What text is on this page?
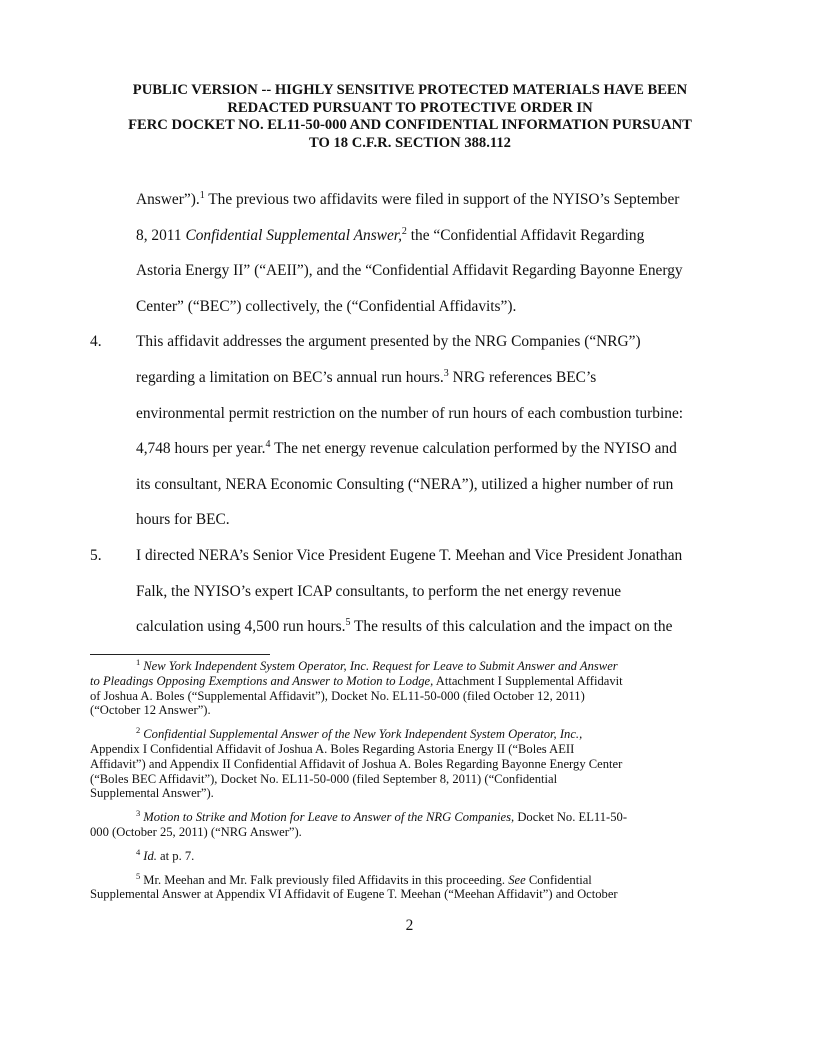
PUBLIC VERSION -- HIGHLY SENSITIVE PROTECTED MATERIALS HAVE BEEN
REDACTED PURSUANT TO PROTECTIVE ORDER IN
FERC DOCKET NO. EL11-50-000 AND CONFIDENTIAL INFORMATION PURSUANT
TO 18 C.F.R. SECTION 388.112
Answer”).$^1$ The previous two affidavits were filed in support of the NYISO’s September
8, 2011 Confidential Supplemental Answer,$^2$ the “Confidential Affidavit Regarding
Astoria Energy II” (“AEII”), and the “Confidential Affidavit Regarding Bayonne Energy
Center” (“BEC”) collectively, the (“Confidential Affidavits”).
4. This affidavit addresses the argument presented by the NRG Companies (“NRG”)
regarding a limitation on BEC’s annual run hours.$^3$ NRG references BEC’s
environmental permit restriction on the number of run hours of each combustion turbine:
4,748 hours per year.$^4$ The net energy revenue calculation performed by the NYISO and
its consultant, NERA Economic Consulting (“NERA”), utilized a higher number of run
hours for BEC.
5. I directed NERA’s Senior Vice President Eugene T. Meehan and Vice President Jonathan
Falk, the NYISO’s expert ICAP consultants, to perform the net energy revenue
calculation using 4,500 run hours.$^5$ The results of this calculation and the impact on the
$^1$ New York Independent System Operator, Inc. Request for Leave to Submit Answer and Answer
to Pleadings Opposing Exemptions and Answer to Motion to Lodge, Attachment I Supplemental Affidavit
of Joshua A. Boles (“Supplemental Affidavit”), Docket No. EL11-50-000 (filed October 12, 2011)
(“October 12 Answer”).
$^2$ Confidential Supplemental Answer of the New York Independent System Operator, Inc.,
Appendix I Confidential Affidavit of Joshua A. Boles Regarding Astoria Energy II (“Boles AEII
Affidavit”) and Appendix II Confidential Affidavit of Joshua A. Boles Regarding Bayonne Energy Center
(“Boles BEC Affidavit”), Docket No. EL11-50-000 (filed September 8, 2011) (“Confidential
Supplemental Answer”).
$^3$ Motion to Strike and Motion for Leave to Answer of the NRG Companies, Docket No. EL11-50-
000 (October 25, 2011) (“NRG Answer”).
$^4$ Id. at p. 7.
$^5$ Mr. Meehan and Mr. Falk previously filed Affidavits in this proceeding. See Confidential
Supplemental Answer at Appendix VI Affidavit of Eugene T. Meehan (“Meehan Affidavit”) and October
2
